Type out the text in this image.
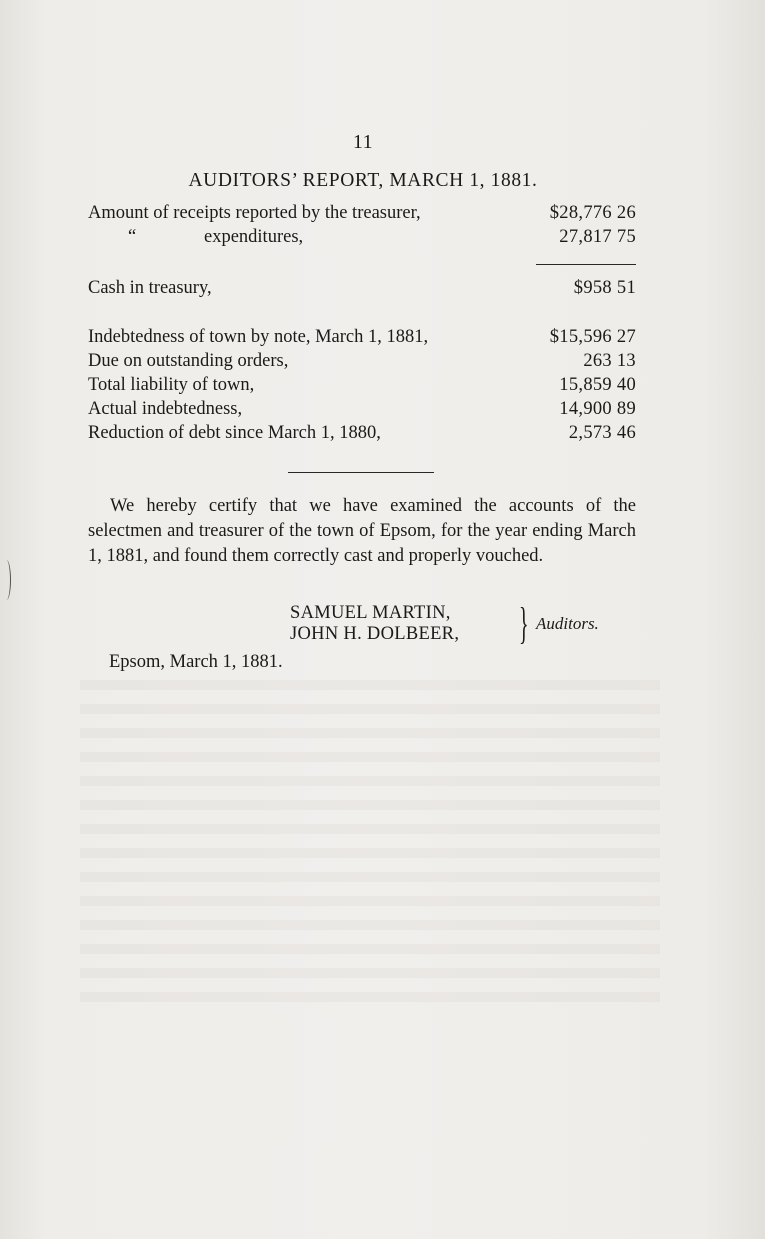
11
AUDITORS’ REPORT, MARCH 1, 1881.
Amount of receipts reported by the treasurer,	$28,776 26
“	expenditures,	27,817 75
Cash in treasury,	$958 51
Indebtedness of town by note, March 1, 1881,	$15,596 27
Due on outstanding orders,	263 13
Total liability of town,	15,859 40
Actual indebtedness,	14,900 89
Reduction of debt since March 1, 1880,	2,573 46
We hereby certify that we have examined the accounts of the selectmen and treasurer of the town of Epsom, for the year ending March 1, 1881, and found them correctly cast and properly vouched.
SAMUEL MARTIN,
JOHN H. DOLBEER, } Auditors.
Epsom, March 1, 1881.
